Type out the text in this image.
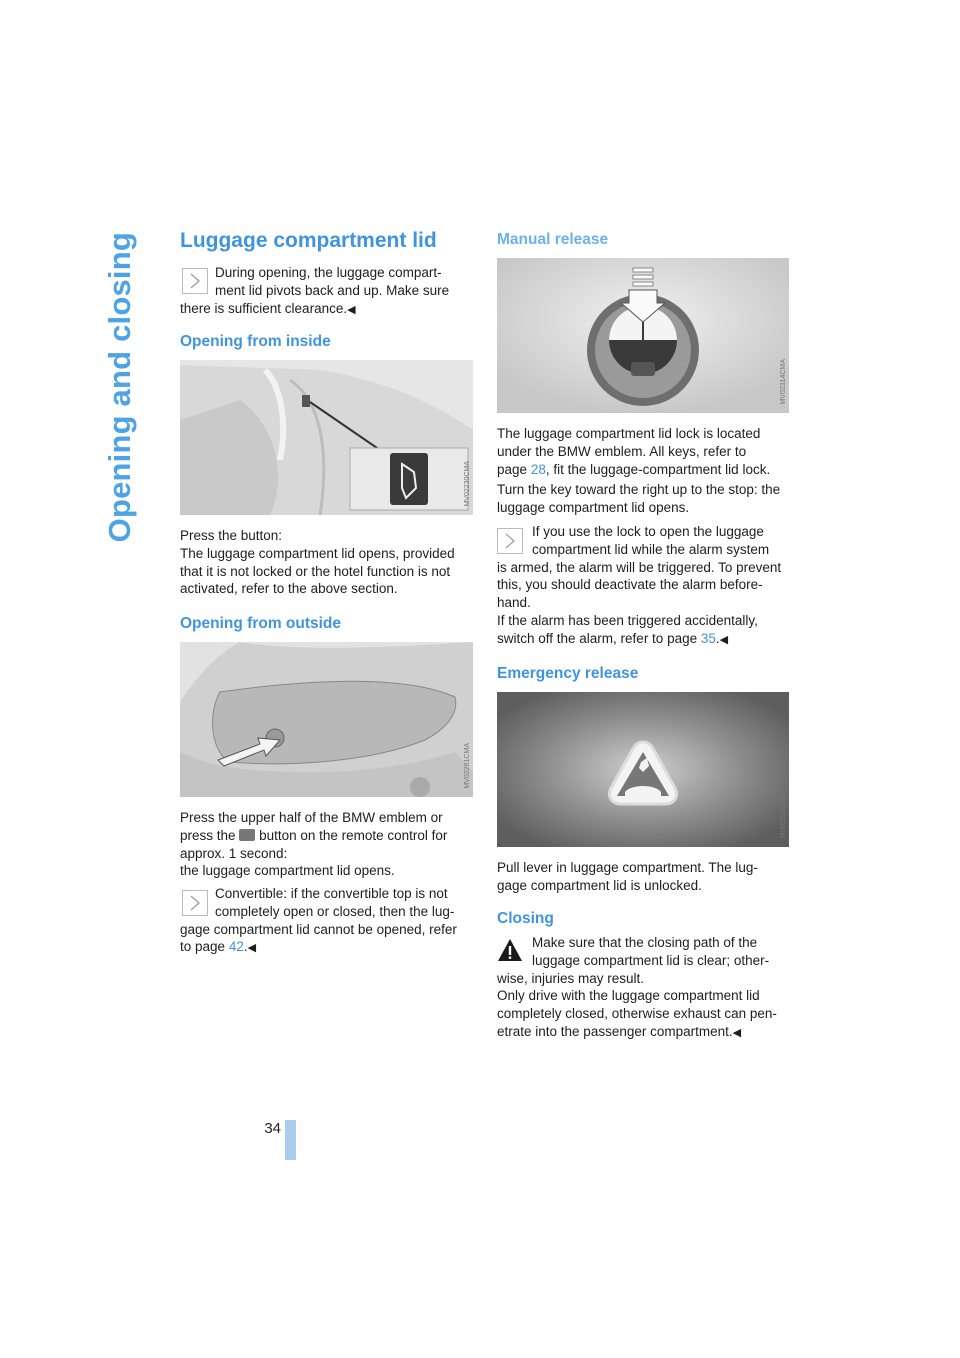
Opening and closing
34
Luggage compartment lid
During opening, the luggage compart-
ment lid pivots back and up. Make sure
there is sufficient clearance.◀
Opening from inside
MV02230CMA
Press the button:
The luggage compartment lid opens, provided
that it is not locked or the hotel function is not
activated, refer to the above section.
Opening from outside
MV02281CMA
Press the upper half of the BMW emblem or
press the button on the remote control for
approx. 1 second:
the luggage compartment lid opens.
Convertible: if the convertible top is not
completely open or closed, then the lug-
gage compartment lid cannot be opened, refer
to page 42.◀
Manual release
MV02314CMA
The luggage compartment lid lock is located
under the BMW emblem. All keys, refer to
page 28, fit the luggage-compartment lid lock.
Turn the key toward the right up to the stop: the
luggage compartment lid opens.
If you use the lock to open the luggage
compartment lid while the alarm system
is armed, the alarm will be triggered. To prevent
this, you should deactivate the alarm before-
hand.
If the alarm has been triggered accidentally,
switch off the alarm, refer to page 35.◀
Emergency release
MV02316CMA
Pull lever in luggage compartment. The lug-
gage compartment lid is unlocked.
Closing
Make sure that the closing path of the
luggage compartment lid is clear; other-
wise, injuries may result.
Only drive with the luggage compartment lid
completely closed, otherwise exhaust can pen-
etrate into the passenger compartment.◀
